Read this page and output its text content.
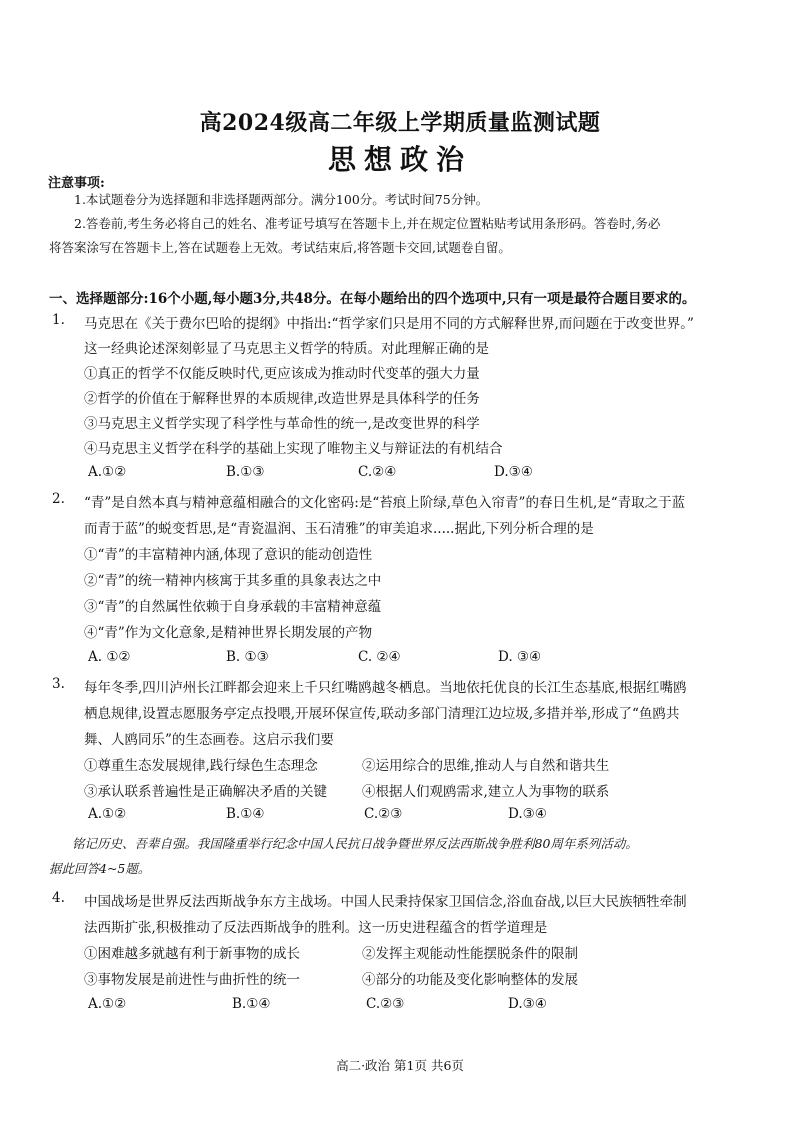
高2024级高二年级上学期质量监测试题
思想政治
注意事项:
1.本试题卷分为选择题和非选择题两部分。满分100分。考试时间75分钟。
2.答卷前,考生务必将自己的姓名、准考证号填写在答题卡上,并在规定位置粘贴考试用条形码。答卷时,务必
将答案涂写在答题卡上,答在试题卷上无效。考试结束后,将答题卡交回,试题卷自留。
一、选择题部分:16个小题,每小题3分,共48分。在每小题给出的四个选项中,只有一项是最符合题目要求的。
1. 马克思在《关于费尔巴哈的提纲》中指出:“哲学家们只是用不同的方式解释世界,而问题在于改变世界。”
这一经典论述深刻彰显了马克思主义哲学的特质。对此理解正确的是
①真正的哲学不仅能反映时代,更应该成为推动时代变革的强大力量
②哲学的价值在于解释世界的本质规律,改造世界是具体科学的任务
③马克思主义哲学实现了科学性与革命性的统一,是改变世界的科学
④马克思主义哲学在科学的基础上实现了唯物主义与辩证法的有机结合
A.①②	B.①③	C.②④	D.③④
2. “青”是自然本真与精神意蕴相融合的文化密码:是“苔痕上阶绿,草色入帘青”的春日生机,是“青取之于蓝
而青于蓝”的蜕变哲思,是“青瓷温润、玉石清雅”的审美追求.....据此,下列分析合理的是
①“青”的丰富精神内涵,体现了意识的能动创造性
②“青”的统一精神内核寓于其多重的具象表达之中
③“青”的自然属性依赖于自身承载的丰富精神意蕴
④“青”作为文化意象,是精神世界长期发展的产物
A. ①②	B. ①③	C. ②④	D. ③④
3. 每年冬季,四川泸州长江畔都会迎来上千只红嘴鸥越冬栖息。当地依托优良的长江生态基底,根据红嘴鸥
栖息规律,设置志愿服务亭定点投喂,开展环保宣传,联动多部门清理江边垃圾,多措并举,形成了“鱼鸥共
舞、人鸥同乐”的生态画卷。这启示我们要
①尊重生态发展规律,践行绿色生态理念	②运用综合的思维,推动人与自然和谐共生
③承认联系普遍性是正确解决矛盾的关键	④根据人们观鸥需求,建立人为事物的联系
A.①②	B.①④	C.②③	D.③④
铭记历史、吾辈自强。我国隆重举行纪念中国人民抗日战争暨世界反法西斯战争胜利80周年系列活动。
据此回答4~5题。
4. 中国战场是世界反法西斯战争东方主战场。中国人民秉持保家卫国信念,浴血奋战,以巨大民族牺牲牵制
法西斯扩张,积极推动了反法西斯战争的胜利。这一历史进程蕴含的哲学道理是
①困难越多就越有利于新事物的成长	②发挥主观能动性能摆脱条件的限制
③事物发展是前进性与曲折性的统一	④部分的功能及变化影响整体的发展
A.①②	B.①④	C.②③	D.③④
高二·政治 第1页 共6页
